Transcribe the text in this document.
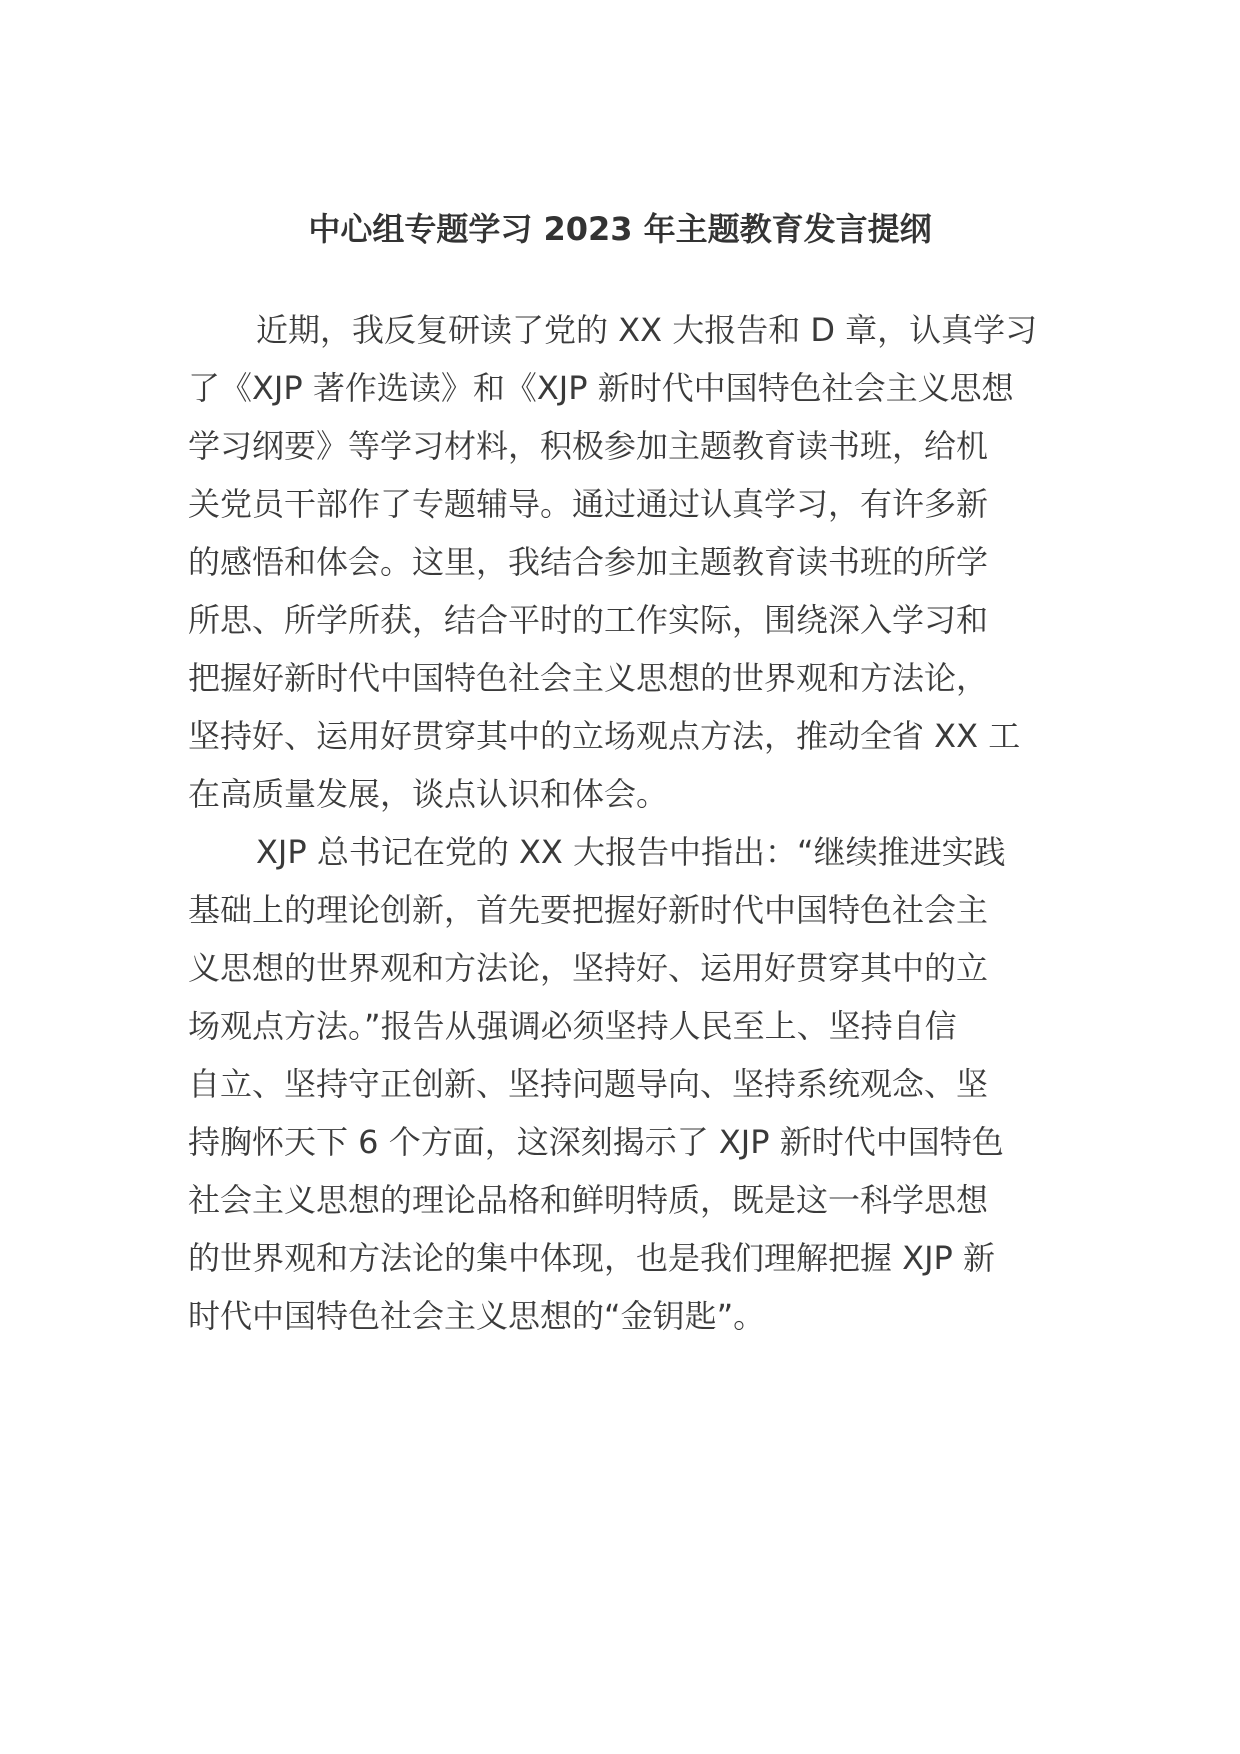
中心组专题学习 2023 年主题教育发言提纲

近期，我反复研读了党的 XX 大报告和 D 章，认真学习

了《XJP 著作选读》和《XJP 新时代中国特色社会主义思想

学习纲要》等学习材料，积极参加主题教育读书班，给机

关党员干部作了专题辅导。通过通过认真学习，有许多新

的感悟和体会。这里，我结合参加主题教育读书班的所学

所思、所学所获，结合平时的工作实际，围绕深入学习和

把握好新时代中国特色社会主义思想的世界观和方法论，

坚持好、运用好贯穿其中的立场观点方法，推动全省 XX 工

在高质量发展，谈点认识和体会。

XJP 总书记在党的 XX 大报告中指出：“继续推进实践

基础上的理论创新，首先要把握好新时代中国特色社会主

义思想的世界观和方法论，坚持好、运用好贯穿其中的立

场观点方法。”报告从强调必须坚持人民至上、坚持自信

自立、坚持守正创新、坚持问题导向、坚持系统观念、坚

持胸怀天下 6 个方面，这深刻揭示了 XJP 新时代中国特色

社会主义思想的理论品格和鲜明特质，既是这一科学思想

的世界观和方法论的集中体现，也是我们理解把握 XJP 新

时代中国特色社会主义思想的“金钥匙”。
